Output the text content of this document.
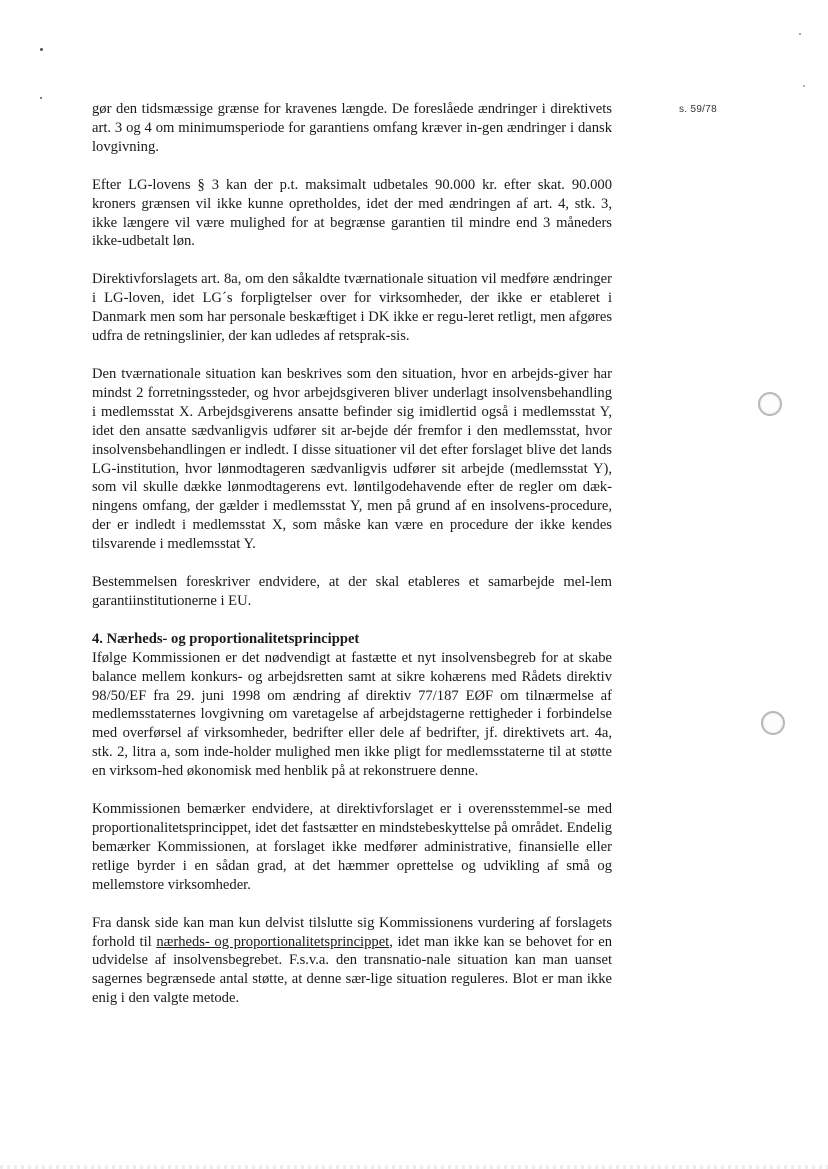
s. 59/78

gør den tidsmæssige grænse for kravenes længde. De foreslåede ændringer i direktivets art. 3 og 4 om minimumsperiode for garantiens omfang kræver in-gen ændringer i dansk lovgivning.

Efter LG-lovens § 3 kan der p.t. maksimalt udbetales 90.000 kr. efter skat. 90.000 kroners grænsen vil ikke kunne opretholdes, idet der med ændringen af art. 4, stk. 3, ikke længere vil være mulighed for at begrænse garantien til mindre end 3 måneders ikke-udbetalt løn.

Direktivforslagets art. 8a, om den såkaldte tværnationale situation vil medføre ændringer i LG-loven, idet LG´s forpligtelser over for virksomheder, der ikke er etableret i Danmark men som har personale beskæftiget i DK ikke er regu-leret retligt, men afgøres udfra de retningslinier, der kan udledes af retsprak-sis.

Den tværnationale situation kan beskrives som den situation, hvor en arbejds-giver har mindst 2 forretningssteder, og hvor arbejdsgiveren bliver underlagt insolvensbehandling i medlemsstat X. Arbejdsgiverens ansatte befinder sig imidlertid også i medlemsstat Y, idet den ansatte sædvanligvis udfører sit ar-bejde dér fremfor i den medlemsstat, hvor insolvensbehandlingen er indledt. I disse situationer vil det efter forslaget blive det lands LG-institution, hvor lønmodtageren sædvanligvis udfører sit arbejde (medlemsstat Y), som vil skulle dække lønmodtagerens evt. løntilgodehavende efter de regler om dæk-ningens omfang, der gælder i medlemsstat Y, men på grund af en insolvens-procedure, der er indledt i medlemsstat X, som måske kan være en procedure der ikke kendes tilsvarende i medlemsstat Y.

Bestemmelsen foreskriver endvidere, at der skal etableres et samarbejde mel-lem garantiinstitutionerne i EU.

4. Nærheds- og proportionalitetsprincippet

Ifølge Kommissionen er det nødvendigt at fastætte et nyt insolvensbegreb for at skabe balance mellem konkurs- og arbejdsretten samt at sikre kohærens med Rådets direktiv 98/50/EF fra 29. juni 1998 om ændring af direktiv 77/187 EØF om tilnærmelse af medlemsstaternes lovgivning om varetagelse af arbejdstagerne rettigheder i forbindelse med overførsel af virksomheder, bedrifter eller dele af bedrifter, jf. direktivets art. 4a, stk. 2, litra a, som inde-holder mulighed men ikke pligt for medlemsstaterne til at støtte en virksom-hed økonomisk med henblik på at rekonstruere denne.

Kommissionen bemærker endvidere, at direktivforslaget er i overensstemmel-se med proportionalitetsprincippet, idet det fastsætter en mindstebeskyttelse på området. Endelig bemærker Kommissionen, at forslaget ikke medfører administrative, finansielle eller retlige byrder i en sådan grad, at det hæmmer oprettelse og udvikling af små og mellemstore virksomheder.

Fra dansk side kan man kun delvist tilslutte sig Kommissionens vurdering af forslagets forhold til nærheds- og proportionalitetsprincippet, idet man ikke kan se behovet for en udvidelse af insolvensbegrebet. F.s.v.a. den transnatio-nale situation kan man uanset sagernes begrænsede antal støtte, at denne sær-lige situation reguleres. Blot er man ikke enig i den valgte metode.
